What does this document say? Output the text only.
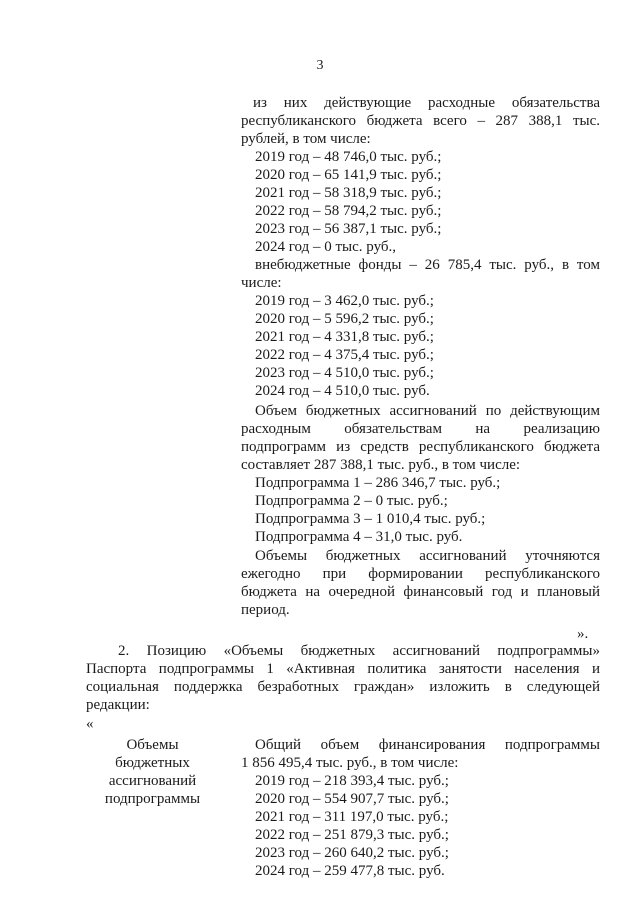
3
из них действующие расходные обязательства
республиканского бюджета всего – 287 388,1 тыс.
рублей, в том числе:
2019 год – 48 746,0 тыс. руб.;
2020 год – 65 141,9 тыс. руб.;
2021 год – 58 318,9 тыс. руб.;
2022 год – 58 794,2 тыс. руб.;
2023 год – 56 387,1 тыс. руб.;
2024 год – 0 тыс. руб.,
внебюджетные фонды – 26 785,4 тыс. руб., в том
числе:
2019 год – 3 462,0 тыс. руб.;
2020 год – 5 596,2 тыс. руб.;
2021 год – 4 331,8 тыс. руб.;
2022 год – 4 375,4 тыс. руб.;
2023 год – 4 510,0 тыс. руб.;
2024 год – 4 510,0 тыс. руб.
Объем бюджетных ассигнований по действующим
расходным обязательствам на реализацию
подпрограмм из средств республиканского бюджета
составляет 287 388,1 тыс. руб., в том числе:
Подпрограмма 1 – 286 346,7 тыс. руб.;
Подпрограмма 2 – 0 тыс. руб.;
Подпрограмма 3 – 1 010,4 тыс. руб.;
Подпрограмма 4 – 31,0 тыс. руб.
Объемы бюджетных ассигнований уточняются
ежегодно при формировании республиканского
бюджета на очередной финансовый год и плановый
период.
».
2. Позицию «Объемы бюджетных ассигнований подпрограммы»
Паспорта подпрограммы 1 «Активная политика занятости населения и
социальная поддержка безработных граждан» изложить в следующей
редакции:
«
Объемы
бюджетных
ассигнований
подпрограммы
Общий объем финансирования подпрограммы
1 856 495,4 тыс. руб., в том числе:
2019 год – 218 393,4 тыс. руб.;
2020 год – 554 907,7 тыс. руб.;
2021 год – 311 197,0 тыс. руб.;
2022 год – 251 879,3 тыс. руб.;
2023 год – 260 640,2 тыс. руб.;
2024 год – 259 477,8 тыс. руб.
